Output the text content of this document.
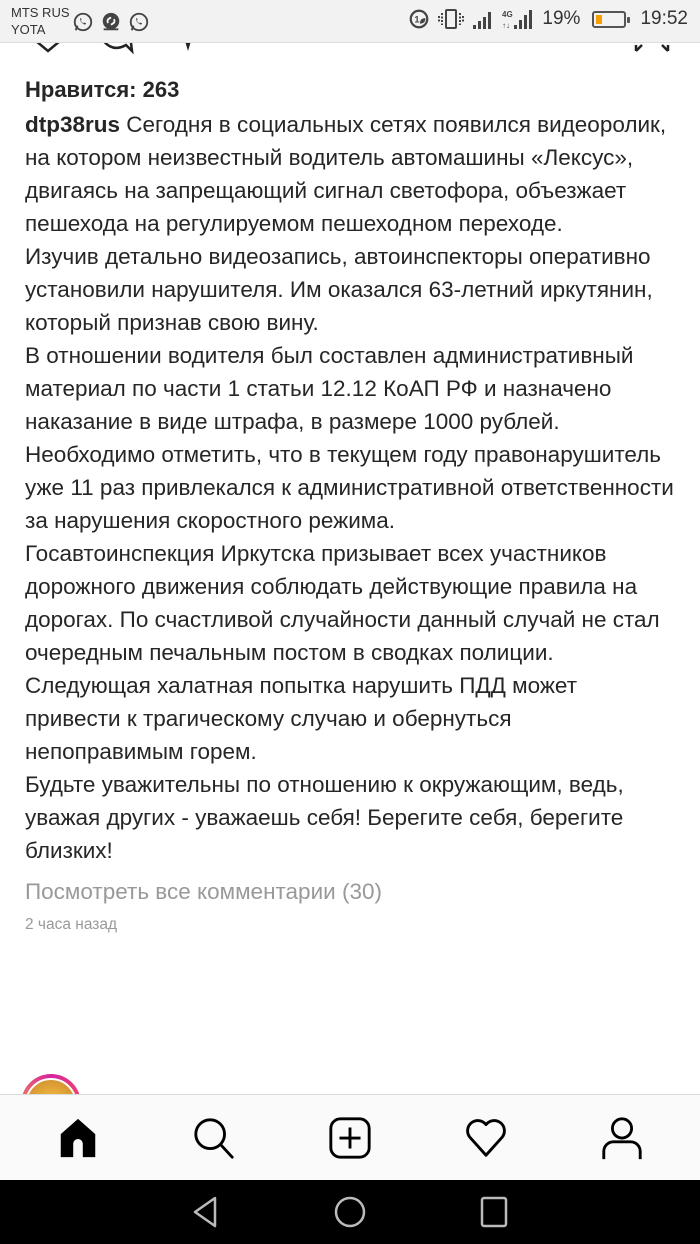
MTS RUS
YOTA
1
4G
↑↓ 19%	19:52
Нравится: 263

dtp38rus Сегодня в социальных сетях появился видеоролик, на котором неизвестный водитель автомашины «Лексус», двигаясь на запрещающий сигнал светофора, объезжает пешехода на регулируемом пешеходном переходе.

Изучив детально видеозапись, автоинспекторы оперативно установили нарушителя. Им оказался 63-летний иркутянин, который признав свою вину.

В отношении водителя был составлен административный материал по части 1 статьи 12.12 КоАП РФ и назначено наказание в виде штрафа, в размере 1000 рублей. Необходимо отметить, что в текущем году правонарушитель уже 11 раз привлекался к административной ответственности за нарушения скоростного режима.

Госавтоинспекция Иркутска призывает всех участников дорожного движения соблюдать действующие правила на дорогах. По счастливой случайности данный случай не стал очередным печальным постом в сводках полиции. Следующая халатная попытка нарушить ПДД может привести к трагическому случаю и обернуться непоправимым горем.

Будьте уважительны по отношению к окружающим, ведь, уважая других - уважаешь себя! Берегите себя, берегите близких!

Посмотреть все комментарии (30)
2 часа назад
